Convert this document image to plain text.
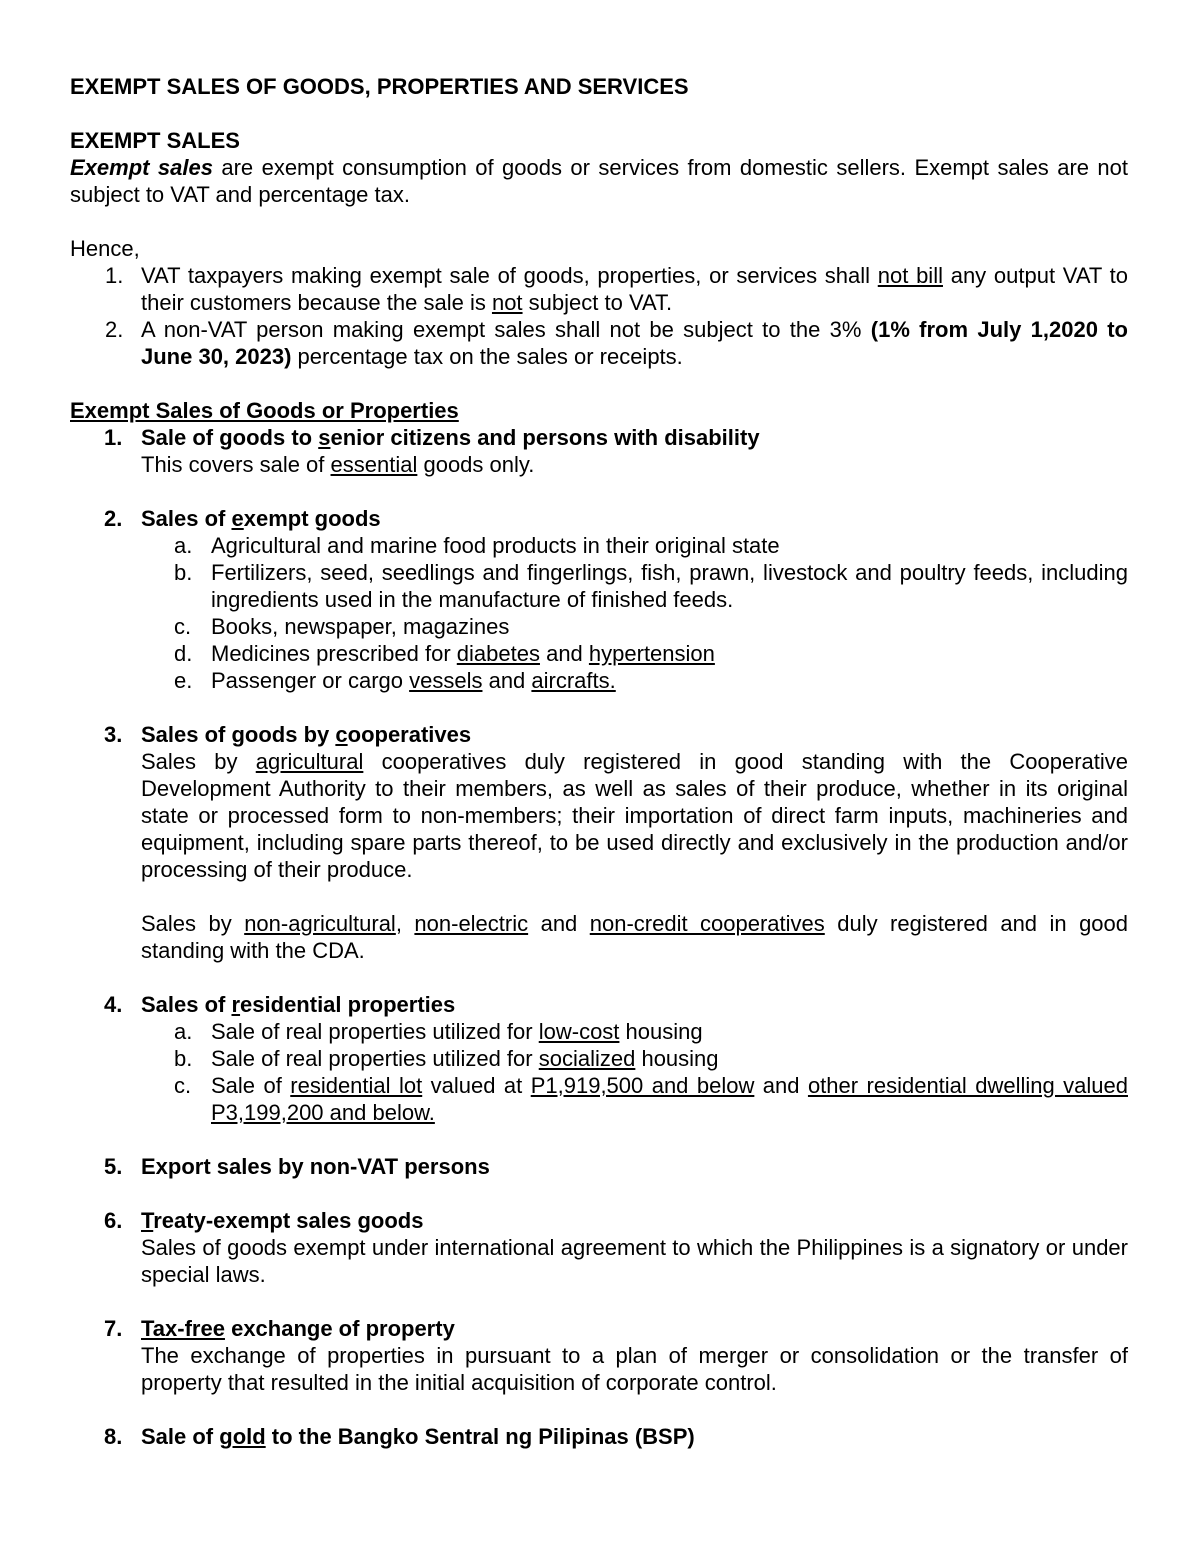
EXEMPT SALES OF GOODS, PROPERTIES AND SERVICES

EXEMPT SALES

Exempt sales are exempt consumption of goods or services from domestic sellers. Exempt sales are not subject to VAT and percentage tax.

Hence,

1. VAT taxpayers making exempt sale of goods, properties, or services shall not bill any output VAT to their customers because the sale is not subject to VAT.
2. A non-VAT person making exempt sales shall not be subject to the 3% (1% from July 1,2020 to June 30, 2023) percentage tax on the sales or receipts.

Exempt Sales of Goods or Properties

1. Sale of goods to senior citizens and persons with disability

This covers sale of essential goods only.

2. Sales of exempt goods
a. Agricultural and marine food products in their original state
b. Fertilizers, seed, seedlings and fingerlings, fish, prawn, livestock and poultry feeds, including ingredients used in the manufacture of finished feeds.
c. Books, newspaper, magazines
d. Medicines prescribed for diabetes and hypertension
e. Passenger or cargo vessels and aircrafts.
3. Sales of goods by cooperatives

Sales by agricultural cooperatives duly registered in good standing with the Cooperative Development Authority to their members, as well as sales of their produce, whether in its original state or processed form to non-members; their importation of direct farm inputs, machineries and equipment, including spare parts thereof, to be used directly and exclusively in the production and/or processing of their produce.

Sales by non-agricultural, non-electric and non-credit cooperatives duly registered and in good standing with the CDA.

4. Sales of residential properties
a. Sale of real properties utilized for low-cost housing
b. Sale of real properties utilized for socialized housing
c. Sale of residential lot valued at P1,919,500 and below and other residential dwelling valued P3,199,200 and below.
5. Export sales by non-VAT persons
6. Treaty-exempt sales goods

Sales of goods exempt under international agreement to which the Philippines is a signatory or under special laws.

7. Tax-free exchange of property

The exchange of properties in pursuant to a plan of merger or consolidation or the transfer of property that resulted in the initial acquisition of corporate control.

8. Sale of gold to the Bangko Sentral ng Pilipinas (BSP)
